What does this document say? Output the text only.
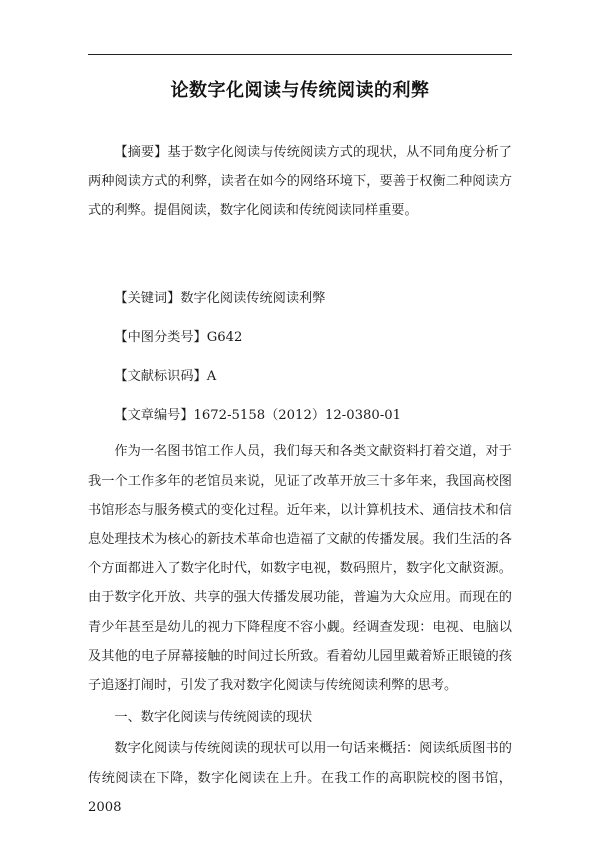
论数字化阅读与传统阅读的利弊

【摘要】基于数字化阅读与传统阅读方式的现状，从不同角度分析了两种阅读方式的利弊，读者在如今的网络环境下，要善于权衡二种阅读方式的利弊。提倡阅读，数字化阅读和传统阅读同样重要。

【关键词】数字化阅读传统阅读利弊

【中图分类号】G642

【文献标识码】A

【文章编号】1672-5158（2012）12-0380-01

作为一名图书馆工作人员，我们每天和各类文献资料打着交道，对于我一个工作多年的老馆员来说，见证了改革开放三十多年来，我国高校图书馆形态与服务模式的变化过程。近年来，以计算机技术、通信技术和信息处理技术为核心的新技术革命也造福了文献的传播发展。我们生活的各个方面都进入了数字化时代，如数字电视，数码照片，数字化文献资源。由于数字化开放、共享的强大传播发展功能，普遍为大众应用。而现在的青少年甚至是幼儿的视力下降程度不容小觑。经调查发现：电视、电脑以及其他的电子屏幕接触的时间过长所致。看着幼儿园里戴着矫正眼镜的孩子追逐打闹时，引发了我对数字化阅读与传统阅读利弊的思考。

一、数字化阅读与传统阅读的现状

数字化阅读与传统阅读的现状可以用一句话来概括：阅读纸质图书的传统阅读在下降，数字化阅读在上升。在我工作的高职院校的图书馆，2008
